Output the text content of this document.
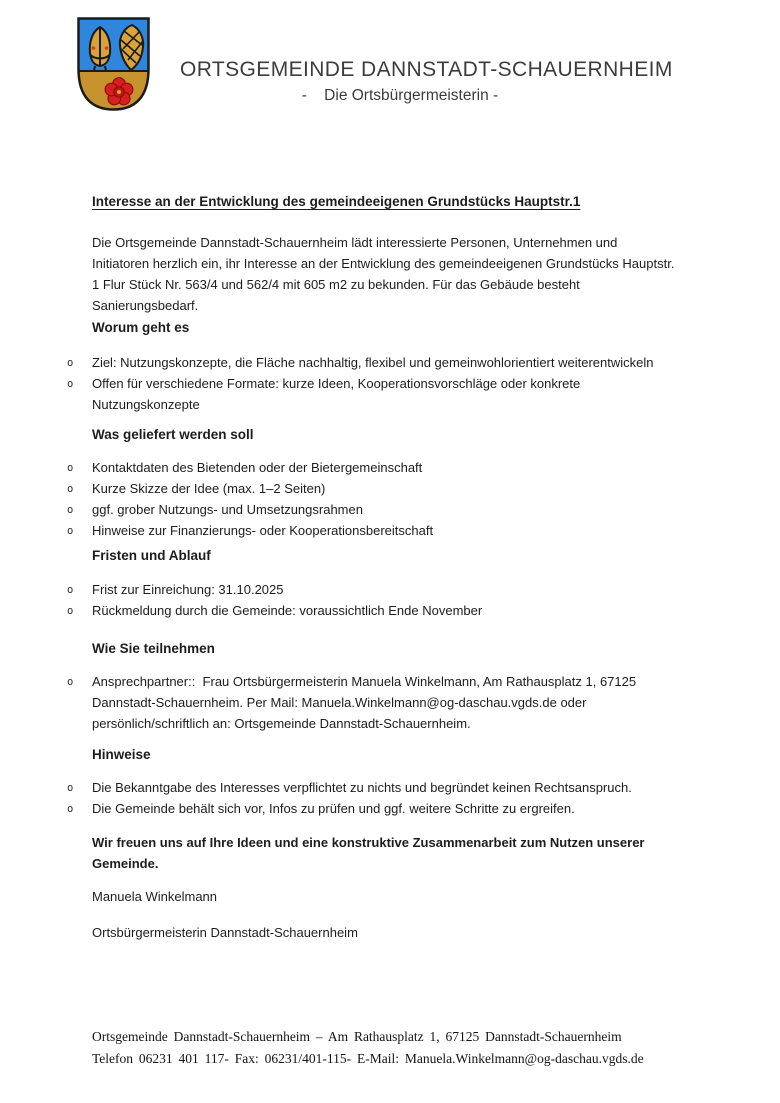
ORTSGEMEINDE DANNSTADT-SCHAUERNHEIM
-    Die Ortsbürgermeisterin -
Interesse an der Entwicklung des gemeindeeigenen Grundstücks Hauptstr.1
Die Ortsgemeinde Dannstadt-Schauernheim lädt interessierte Personen, Unternehmen und
Initiatoren herzlich ein, ihr Interesse an der Entwicklung des gemeindeeigenen Grundstücks Hauptstr.
1 Flur Stück Nr. 563/4 und 562/4 mit 605 m2 zu bekunden. Für das Gebäude besteht
Sanierungsbedarf.
Worum geht es
o Ziel: Nutzungskonzepte, die Fläche nachhaltig, flexibel und gemeinwohlorientiert weiterentwickeln
o Offen für verschiedene Formate: kurze Ideen, Kooperationsvorschläge oder konkrete
Nutzungskonzepte
Was geliefert werden soll
o Kontaktdaten des Bietenden oder der Bietergemeinschaft
o Kurze Skizze der Idee (max. 1–2 Seiten)
o ggf. grober Nutzungs- und Umsetzungsrahmen
o Hinweise zur Finanzierungs- oder Kooperationsbereitschaft
Fristen und Ablauf
o Frist zur Einreichung: 31.10.2025
o Rückmeldung durch die Gemeinde: voraussichtlich Ende November
Wie Sie teilnehmen
o Ansprechpartner::  Frau Ortsbürgermeisterin Manuela Winkelmann, Am Rathausplatz 1, 67125
Dannstadt-Schauernheim. Per Mail: Manuela.Winkelmann@og-daschau.vgds.de oder
persönlich/schriftlich an: Ortsgemeinde Dannstadt-Schauernheim.
Hinweise
o Die Bekanntgabe des Interesses verpflichtet zu nichts und begründet keinen Rechtsanspruch.
o Die Gemeinde behält sich vor, Infos zu prüfen und ggf. weitere Schritte zu ergreifen.
Wir freuen uns auf Ihre Ideen und eine konstruktive Zusammenarbeit zum Nutzen unserer
Gemeinde.
Manuela Winkelmann
Ortsbürgermeisterin Dannstadt-Schauernheim
Ortsgemeinde Dannstadt-Schauernheim – Am Rathausplatz 1, 67125 Dannstadt-Schauernheim
Telefon 06231 401 117- Fax: 06231/401-115- E-Mail: Manuela.Winkelmann@og-daschau.vgds.de
